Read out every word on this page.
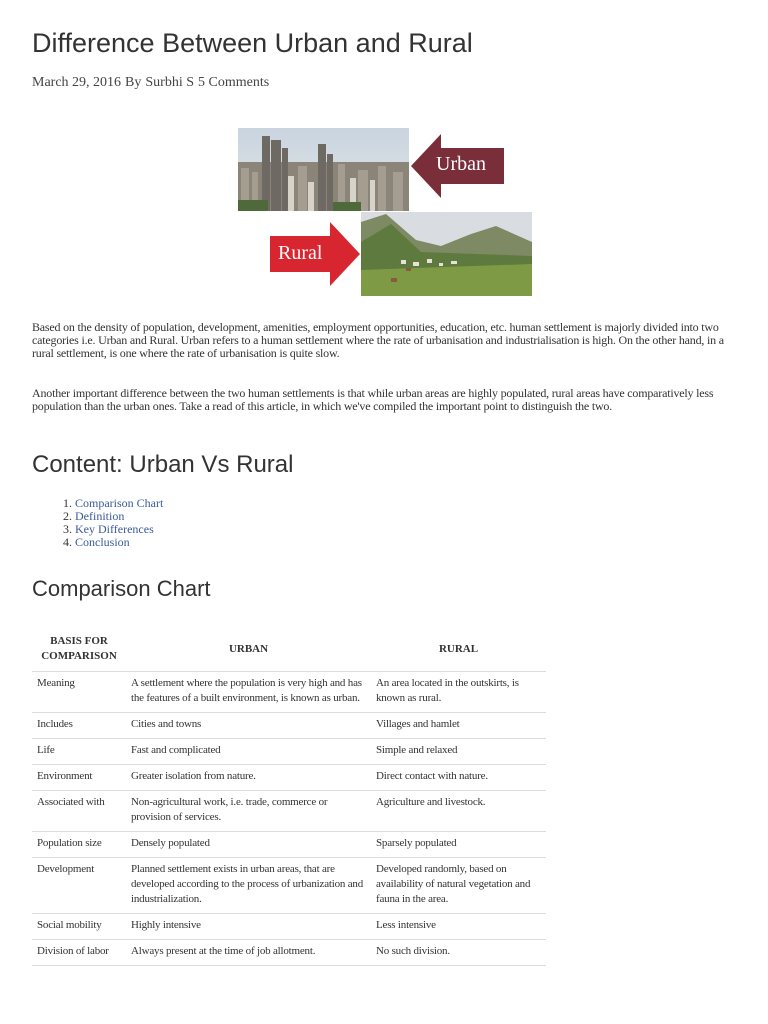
Difference Between Urban and Rural
March 29, 2016 By Surbhi S 5 Comments
Urban
Rural

Based on the density of population, development, amenities, employment opportunities, education, etc. human settlement is majorly divided into two categories i.e. Urban and Rural. Urban refers to a human settlement where the rate of urbanisation and industrialisation is high. On the other hand, in a rural settlement, is one where the rate of urbanisation is quite slow.

Another important difference between the two human settlements is that while urban areas are highly populated, rural areas have comparatively less population than the urban ones. Take a read of this article, in which we've compiled the important point to distinguish the two.

Content: Urban Vs Rural
1. Comparison Chart
2. Definition
3. Key Differences
4. Conclusion
Comparison Chart
BASIS FOR COMPARISON	URBAN	RURAL
Meaning	A settlement where the population is very high and has the features of a built environment, is known as urban.	An area located in the outskirts, is known as rural.
Includes	Cities and towns	Villages and hamlet
Life	Fast and complicated	Simple and relaxed
Environment	Greater isolation from nature.	Direct contact with nature.
Associated with	Non-agricultural work, i.e. trade, commerce or provision of services.	Agriculture and livestock.
Population size	Densely populated	Sparsely populated
Development	Planned settlement exists in urban areas, that are developed according to the process of urbanization and industrialization.	Developed randomly, based on availability of natural vegetation and fauna in the area.
Social mobility	Highly intensive	Less intensive
Division of labor	Always present at the time of job allotment.	No such division.
